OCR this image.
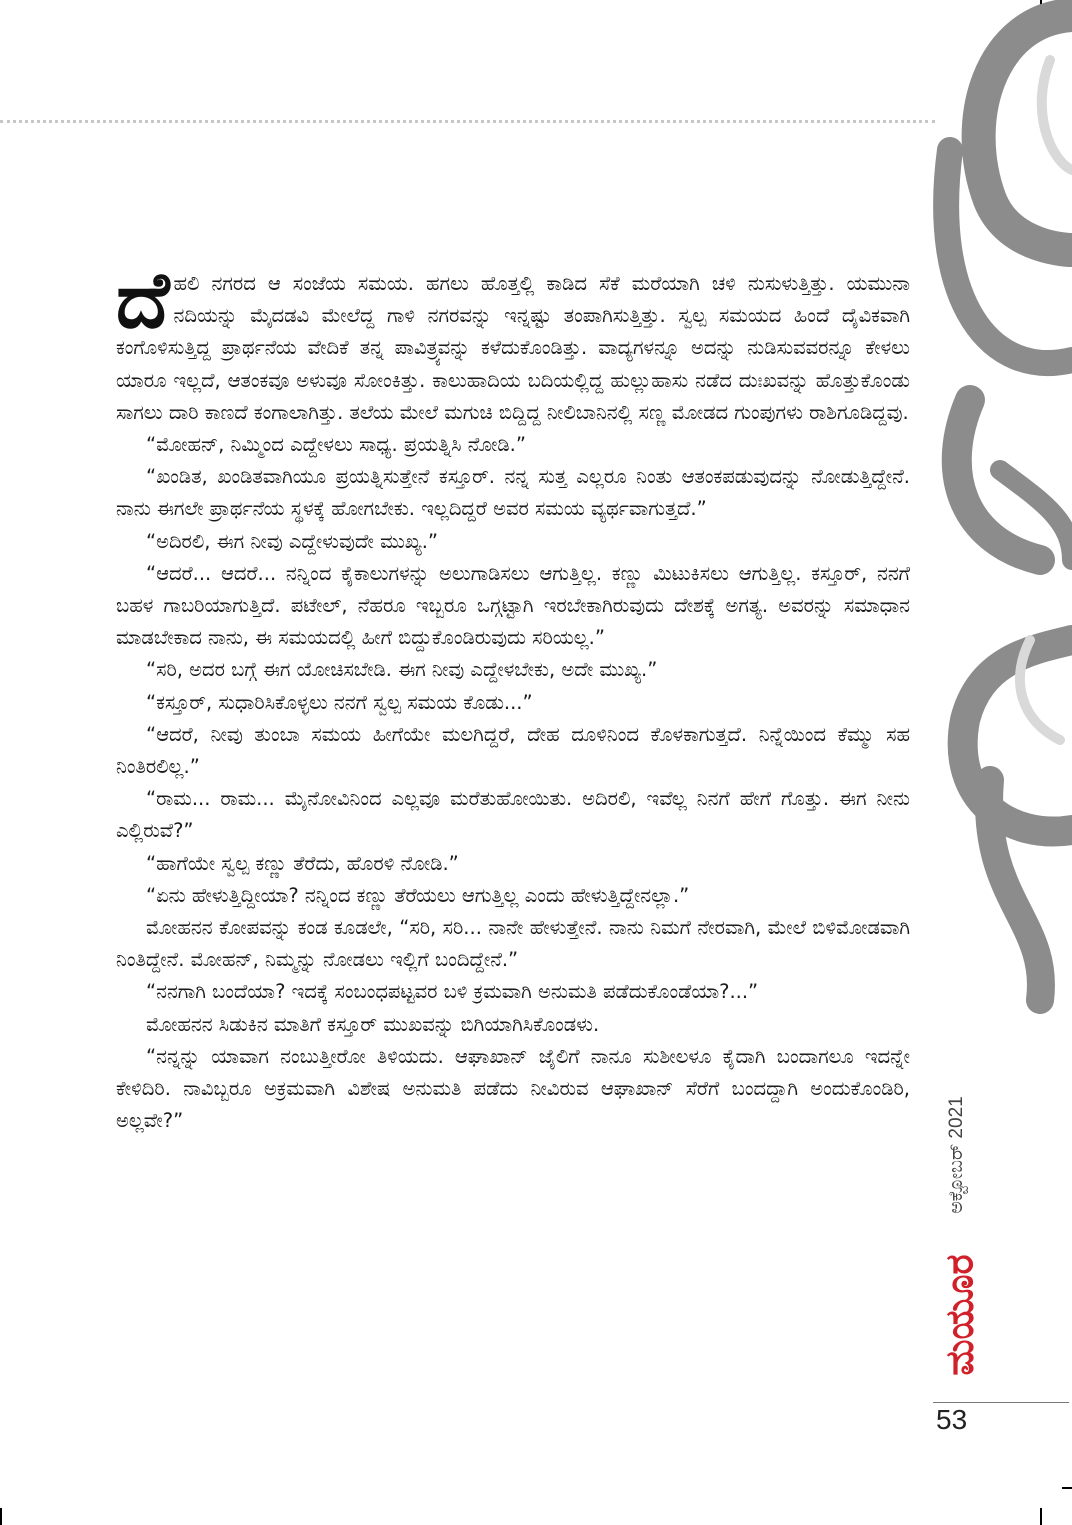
ದೆಹಲಿ ನಗರದ ಆ ಸಂಜೆಯ ಸಮಯ. ಹಗಲು ಹೊತ್ತಲ್ಲಿ ಕಾಡಿದ ಸೆಕೆ ಮರೆಯಾಗಿ ಚಳಿ ನುಸುಳುತ್ತಿತ್ತು. ಯಮುನಾ ನದಿಯನ್ನು ಮೈದಡವಿ ಮೇಲೆದ್ದ ಗಾಳಿ ನಗರವನ್ನು ಇನ್ನಷ್ಟು ತಂಪಾಗಿಸುತ್ತಿತ್ತು. ಸ್ವಲ್ಪ ಸಮಯದ ಹಿಂದೆ ದೈವಿಕವಾಗಿ ಕಂಗೊಳಿಸುತ್ತಿದ್ದ ಪ್ರಾರ್ಥನೆಯ ವೇದಿಕೆ ತನ್ನ ಪಾವಿತ್ರ್ಯವನ್ನು ಕಳೆದುಕೊಂಡಿತ್ತು. ವಾದ್ಯಗಳನ್ನೂ ಅದನ್ನು ನುಡಿಸುವವರನ್ನೂ ಕೇಳಲು ಯಾರೂ ಇಲ್ಲದೆ, ಆತಂಕವೂ ಅಳುವೂ ಸೋಂಕಿತ್ತು. ಕಾಲುಹಾದಿಯ ಬದಿಯಲ್ಲಿದ್ದ ಹುಲ್ಲುಹಾಸು ನಡೆದ ದುಃಖವನ್ನು ಹೊತ್ತುಕೊಂಡು ಸಾಗಲು ದಾರಿ ಕಾಣದೆ ಕಂಗಾಲಾಗಿತ್ತು. ತಲೆಯ ಮೇಲೆ ಮಗುಚಿ ಬಿದ್ದಿದ್ದ ನೀಲಿಬಾನಿನಲ್ಲಿ ಸಣ್ಣ ಮೋಡದ ಗುಂಪುಗಳು ರಾಶಿಗೂಡಿದ್ದವು.

“ಮೋಹನ್, ನಿಮ್ಮಿಂದ ಎದ್ದೇಳಲು ಸಾಧ್ಯ. ಪ್ರಯತ್ನಿಸಿ ನೋಡಿ.”

“ಖಂಡಿತ, ಖಂಡಿತವಾಗಿಯೂ ಪ್ರಯತ್ನಿಸುತ್ತೇನೆ ಕಸ್ತೂರ್. ನನ್ನ ಸುತ್ತ ಎಲ್ಲರೂ ನಿಂತು ಆತಂಕಪಡುವುದನ್ನು ನೋಡುತ್ತಿದ್ದೇನೆ. ನಾನು ಈಗಲೇ ಪ್ರಾರ್ಥನೆಯ ಸ್ಥಳಕ್ಕೆ ಹೋಗಬೇಕು. ಇಲ್ಲದಿದ್ದರೆ ಅವರ ಸಮಯ ವ್ಯರ್ಥವಾಗುತ್ತದೆ.”

“ಅದಿರಲಿ, ಈಗ ನೀವು ಎದ್ದೇಳುವುದೇ ಮುಖ್ಯ.”

“ಆದರೆ... ಆದರೆ... ನನ್ನಿಂದ ಕೈಕಾಲುಗಳನ್ನು ಅಲುಗಾಡಿಸಲು ಆಗುತ್ತಿಲ್ಲ. ಕಣ್ಣು ಮಿಟುಕಿಸಲು ಆಗುತ್ತಿಲ್ಲ. ಕಸ್ತೂರ್, ನನಗೆ ಬಹಳ ಗಾಬರಿಯಾಗುತ್ತಿದೆ. ಪಟೇಲ್, ನೆಹರೂ ಇಬ್ಬರೂ ಒಗ್ಗಟ್ಟಾಗಿ ಇರಬೇಕಾಗಿರುವುದು ದೇಶಕ್ಕೆ ಅಗತ್ಯ. ಅವರನ್ನು ಸಮಾಧಾನ ಮಾಡಬೇಕಾದ ನಾನು, ಈ ಸಮಯದಲ್ಲಿ ಹೀಗೆ ಬಿದ್ದುಕೊಂಡಿರುವುದು ಸರಿಯಲ್ಲ.”

“ಸರಿ, ಅದರ ಬಗ್ಗೆ ಈಗ ಯೋಚಿಸಬೇಡಿ. ಈಗ ನೀವು ಎದ್ದೇಳಬೇಕು, ಅದೇ ಮುಖ್ಯ.”

“ಕಸ್ತೂರ್, ಸುಧಾರಿಸಿಕೊಳ್ಳಲು ನನಗೆ ಸ್ವಲ್ಪ ಸಮಯ ಕೊಡು...”

“ಆದರೆ, ನೀವು ತುಂಬಾ ಸಮಯ ಹೀಗೆಯೇ ಮಲಗಿದ್ದರೆ, ದೇಹ ದೂಳಿನಿಂದ ಕೊಳಕಾಗುತ್ತದೆ. ನಿನ್ನೆಯಿಂದ ಕೆಮ್ಮು ಸಹ ನಿಂತಿರಲಿಲ್ಲ.”

“ರಾಮ... ರಾಮ... ಮೈನೋವಿನಿಂದ ಎಲ್ಲವೂ ಮರೆತುಹೋಯಿತು. ಅದಿರಲಿ, ಇವೆಲ್ಲ ನಿನಗೆ ಹೇಗೆ ಗೊತ್ತು. ಈಗ ನೀನು ಎಲ್ಲಿರುವೆ?”

“ಹಾಗೆಯೇ ಸ್ವಲ್ಪ ಕಣ್ಣು ತೆರೆದು, ಹೊರಳಿ ನೋಡಿ.”

“ಏನು ಹೇಳುತ್ತಿದ್ದೀಯಾ? ನನ್ನಿಂದ ಕಣ್ಣು ತೆರೆಯಲು ಆಗುತ್ತಿಲ್ಲ ಎಂದು ಹೇಳುತ್ತಿದ್ದೇನಲ್ಲಾ.”

ಮೋಹನನ ಕೋಪವನ್ನು ಕಂಡ ಕೂಡಲೇ, “ಸರಿ, ಸರಿ... ನಾನೇ ಹೇಳುತ್ತೇನೆ. ನಾನು ನಿಮಗೆ ನೇರವಾಗಿ, ಮೇಲೆ ಬಿಳಿಮೋಡವಾಗಿ ನಿಂತಿದ್ದೇನೆ. ಮೋಹನ್, ನಿಮ್ಮನ್ನು ನೋಡಲು ಇಲ್ಲಿಗೆ ಬಂದಿದ್ದೇನೆ.”

“ನನಗಾಗಿ ಬಂದೆಯಾ? ಇದಕ್ಕೆ ಸಂಬಂಧಪಟ್ಟವರ ಬಳಿ ಕ್ರಮವಾಗಿ ಅನುಮತಿ ಪಡೆದುಕೊಂಡೆಯಾ?...”

ಮೋಹನನ ಸಿಡುಕಿನ ಮಾತಿಗೆ ಕಸ್ತೂರ್ ಮುಖವನ್ನು ಬಿಗಿಯಾಗಿಸಿಕೊಂಡಳು.

“ನನ್ನನ್ನು ಯಾವಾಗ ನಂಬುತ್ತೀರೋ ತಿಳಿಯದು. ಆಘಾಖಾನ್ ಜೈಲಿಗೆ ನಾನೂ ಸುಶೀಲಳೂ ಕೈದಾಗಿ ಬಂದಾಗಲೂ ಇದನ್ನೇ ಕೇಳಿದಿರಿ. ನಾವಿಬ್ಬರೂ ಅಕ್ರಮವಾಗಿ ವಿಶೇಷ ಅನುಮತಿ ಪಡೆದು ನೀವಿರುವ ಆಘಾಖಾನ್ ಸೆರೆಗೆ ಬಂದದ್ದಾಗಿ ಅಂದುಕೊಂಡಿರಿ, ಅಲ್ಲವೇ?”	ಅಕ್ಟೋಬರ್ 2021
ಮಯೂರ
53
